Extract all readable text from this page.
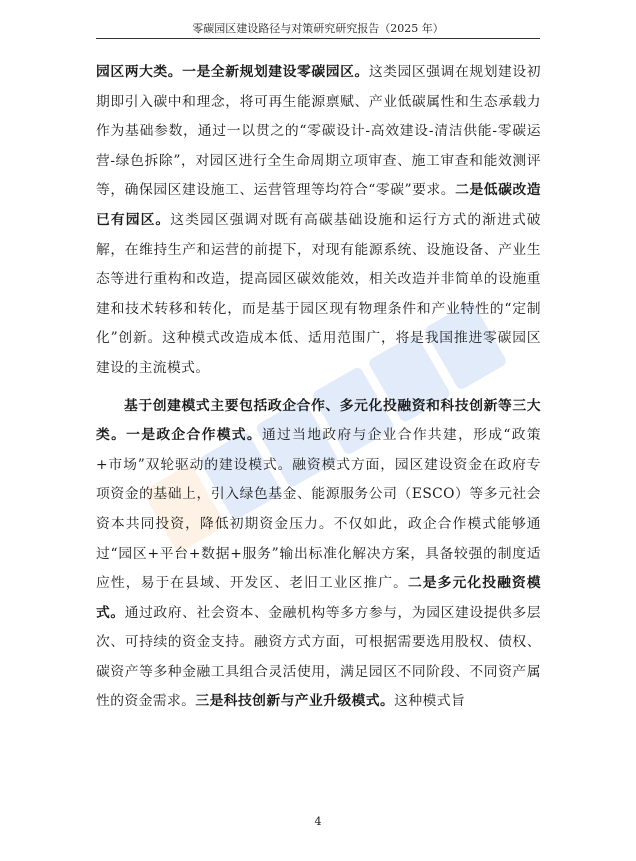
零碳园区建设路径与对策研究研究报告（2025 年）

园区两大类。一是全新规划建设零碳园区。这类园区强调在规划建设初期即引入碳中和理念，将可再生能源禀赋、产业低碳属性和生态承载力作为基础参数，通过一以贯之的“零碳设计-高效建设-清洁供能-零碳运营-绿色拆除”，对园区进行全生命周期立项审查、施工审查和能效测评等，确保园区建设施工、运营管理等均符合“零碳”要求。二是低碳改造已有园区。这类园区强调对既有高碳基础设施和运行方式的渐进式破解，在维持生产和运营的前提下，对现有能源系统、设施设备、产业生态等进行重构和改造，提高园区碳效能效，相关改造并非简单的设施重建和技术转移和转化，而是基于园区现有物理条件和产业特性的“定制化”创新。这种模式改造成本低、适用范围广，将是我国推进零碳园区建设的主流模式。

基于创建模式主要包括政企合作、多元化投融资和科技创新等三大类。一是政企合作模式。通过当地政府与企业合作共建，形成“政策+市场”双轮驱动的建设模式。融资模式方面，园区建设资金在政府专项资金的基础上，引入绿色基金、能源服务公司（ESCO）等多元社会资本共同投资，降低初期资金压力。不仅如此，政企合作模式能够通过“园区+平台+数据+服务”输出标准化解决方案，具备较强的制度适应性，易于在县域、开发区、老旧工业区推广。二是多元化投融资模式。通过政府、社会资本、金融机构等多方参与，为园区建设提供多层次、可持续的资金支持。融资方式方面，可根据需要选用股权、债权、碳资产等多种金融工具组合灵活使用，满足园区不同阶段、不同资产属性的资金需求。三是科技创新与产业升级模式。这种模式旨

4
